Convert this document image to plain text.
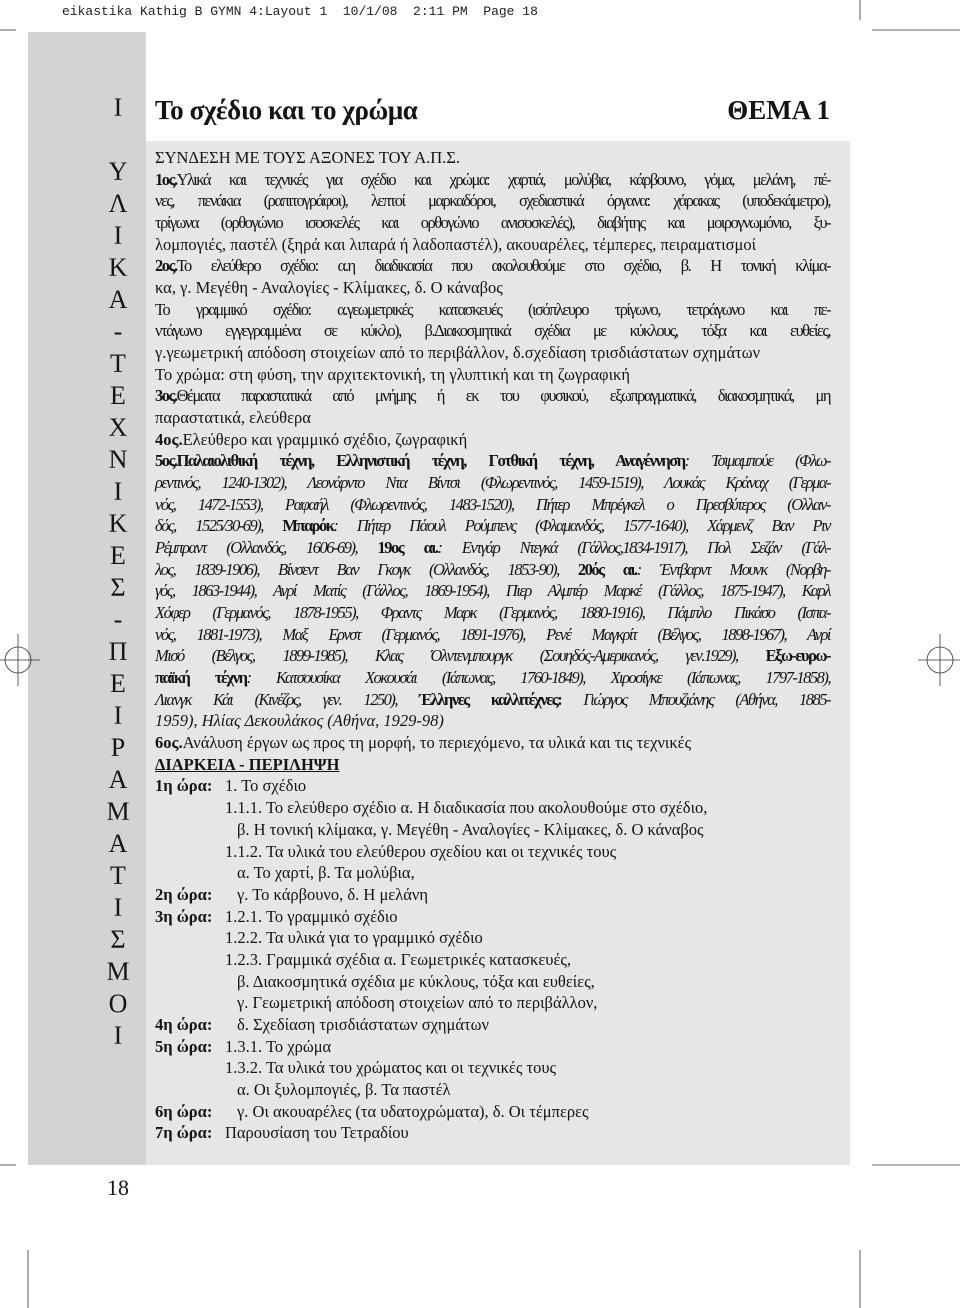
eikastika Kathig B GYMN 4:Layout 1  10/1/08  2:11 PM  Page 18
Ι
Υ
Λ
Ι
Κ
Α
-
Τ
Ε
Χ
Ν
Ι
Κ
Ε
Σ
-
Π
Ε
Ι
Ρ
Α
Μ
Α
Τ
Ι
Σ
Μ
Ο
Ι
18
Το σχέδιο και το χρώμα	ΘΕΜΑ 1
ΣΥΝΔΕΣΗ ΜΕ ΤΟΥΣ ΑΞΟΝΕΣ ΤΟΥ Α.Π.Σ.
1ος.Υλικά και τεχνικές για σχέδιο και χρώμα: χαρτιά, μολύβια, κάρβουνο, γόμα, μελάνη, πέ-
νες, πενάκια (ραπιτογράφοι), λεπτοί μαρκαδόροι, σχεδιαστικά όργανα: χάρακας (υποδεκάμετρο),
τρίγωνα (ορθογώνιο ισοσκελές και ορθογώνιο ανισοσκελές), διαβήτης και μοιρογνωμόνιο, ξυ-
λομπογιές, παστέλ (ξηρά και λιπαρά ή λαδοπαστέλ), ακουαρέλες, τέμπερες, πειραματισμοί
2ος.Το ελεύθερο σχέδιο: α.η διαδικασία που ακολουθούμε στο σχέδιο, β. Η τονική κλίμα-
κα, γ. Μεγέθη - Αναλογίες - Κλίμακες, δ. Ο κάναβος
Το γραμμικό σχέδιο: α.γεωμετρικές κατασκευές (ισόπλευρο τρίγωνο, τετράγωνο και πε-
ντάγωνο εγγεγραμμένα σε κύκλο), β.Διακοσμητικά σχέδια με κύκλους, τόξα και ευθείες,
γ.γεωμετρική απόδοση στοιχείων από το περιβάλλον, δ.σχεδίαση τρισδιάστατων σχημάτων
Το χρώμα: στη φύση, την αρχιτεκτονική, τη γλυπτική και τη ζωγραφική
3ος.Θέματα παραστατικά από μνήμης ή εκ του φυσικού, εξωπραγματικά, διακοσμητικά, μη
παραστατικά, ελεύθερα
4ος.Ελεύθερο και γραμμικό σχέδιο, ζωγραφική
5ος.Παλαιολιθική τέχνη, Ελληνιστική τέχνη, Γοτθική τέχνη, Αναγέννηση: Τσιμαμπούε (Φλω-
ρεντινός, 1240-1302), Λεονάρντο Ντα Βίντσι (Φλωρεντινός, 1459-1519), Λουκάς Κράναχ (Γερμα-
νός, 1472-1553), Ραφαήλ (Φλωρεντινός, 1483-1520), Πήτερ Μπρέγκελ ο Πρεσβύτερος (Ολλαν-
δός, 1525/30-69), Μπαρόκ: Πήτερ Πάουλ Ρούμπενς (Φλαμανδός, 1577-1640), Χάρμενζ Βαν Ριν
Ρέμπραντ (Ολλανδός, 1606-69), 19ος αι.: Εντγάρ Ντεγκά (Γάλλος,1834-1917), Πολ Σεζάν (Γάλ-
λος, 1839-1906), Βίνσεντ Βαν Γκογκ (Ολλανδός, 1853-90), 20ός αι.: Έντβαρντ Μουνκ (Νορβη-
γός, 1863-1944), Ανρί Ματίς (Γάλλος, 1869-1954), Πιερ Αλμπέρ Μαρκέ (Γάλλος, 1875-1947), Καρλ
Χόφερ (Γερμανός, 1878-1955), Φραντς Μαρκ (Γερμανός, 1880-1916), Πάμπλο Πικάσο (Ισπα-
νός, 1881-1973), Μαξ Ερνστ (Γερμανός, 1891-1976), Ρενέ Μαγκρίτ (Βέλγος, 1898-1967), Ανρί
Μισό (Βέλγος, 1899-1985), Κλας Όλντενμπουργκ (Σουηδός-Αμερικανός, γεν.1929), Εξω-ευρω-
παϊκή τέχνη: Κατσουσίκα Χοκουσάι (Ιάπωνας, 1760-1849), Χιροσίγκε (Ιάπωνας, 1797-1858),
Λιανγκ Κάι (Κινέζος, γεν. 1250), Έλληνες καλλιτέχνες: Γιώργος Μπουζιάνης (Αθήνα, 1885-
1959), Ηλίας Δεκουλάκος (Αθήνα, 1929-98)
6ος.Ανάλυση έργων ως προς τη μορφή, το περιεχόμενο, τα υλικά και τις τεχνικές
ΔΙΑΡΚΕΙΑ - ΠΕΡΙΛΗΨΗ
1η ώρα: 1. Το σχέδιο
1.1.1. Το ελεύθερο σχέδιο α. Η διαδικασία που ακολουθούμε στο σχέδιο,
β. Η τονική κλίμακα, γ. Μεγέθη - Αναλογίες - Κλίμακες, δ. Ο κάναβος
1.1.2. Τα υλικά του ελεύθερου σχεδίου και οι τεχνικές τους
α. Το χαρτί, β. Τα μολύβια,
2η ώρα: γ. Το κάρβουνο, δ. Η μελάνη
3η ώρα: 1.2.1. Το γραμμικό σχέδιο
1.2.2. Τα υλικά για το γραμμικό σχέδιο
1.2.3. Γραμμικά σχέδια α. Γεωμετρικές κατασκευές,
β. Διακοσμητικά σχέδια με κύκλους, τόξα και ευθείες,
γ. Γεωμετρική απόδοση στοιχείων από το περιβάλλον,
4η ώρα: δ. Σχεδίαση τρισδιάστατων σχημάτων
5η ώρα: 1.3.1. Το χρώμα
1.3.2. Τα υλικά του χρώματος και οι τεχνικές τους
α. Οι ξυλομπογιές, β. Τα παστέλ
6η ώρα: γ. Οι ακουαρέλες (τα υδατοχρώματα), δ. Οι τέμπερες
7η ώρα: Παρουσίαση του Τετραδίου
